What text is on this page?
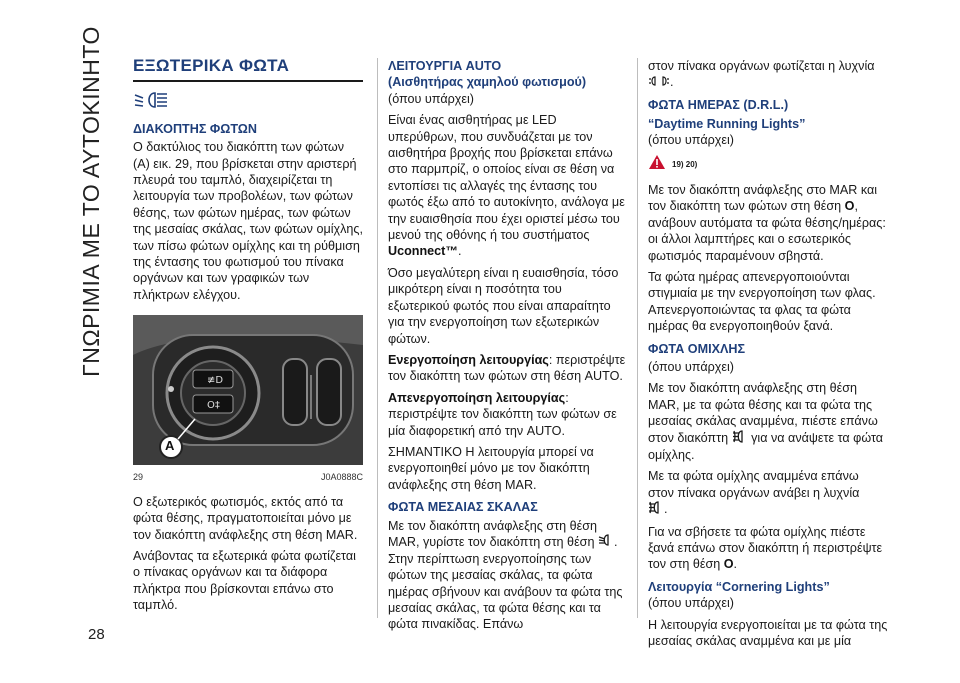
ΓΝΩΡΙΜΙΑ ΜΕ ΤΟ ΑΥΤΟΚΙΝΗΤΟ ΕΞΩΤΕΡΙΚΑ ΦΩΤΑ
ΔΙΑΚΟΠΤΗΣ ΦΩΤΩΝ

Ο δακτύλιος του διακόπτη των φώτων (A) εικ. 29, που βρίσκεται στην αριστερή πλευρά του ταμπλό, διαχειρίζεται τη λειτουργία των προβολέων, των φώτων θέσης, των φώτων ημέρας, των φώτων της μεσαίας σκάλας, των φώτων ομίχλης, των πίσω φώτων ομίχλης και τη ρύθμιση της έντασης του φωτισμού του πίνακα οργάνων και των γραφικών των πλήκτρων ελέγχου.

≢D
O‡
A
29	J0A0888C

Ο εξωτερικός φωτισμός, εκτός από τα φώτα θέσης, πραγματοποιείται μόνο με τον διακόπτη ανάφλεξης στη θέση MAR.

Ανάβοντας τα εξωτερικά φώτα φωτίζεται ο πίνακας οργάνων και τα διάφορα πλήκτρα που βρίσκονται επάνω στο ταμπλό.

ΛΕΙΤΟΥΡΓΙΑ AUTO
(Αισθητήρας χαμηλού φωτισμού)

(όπου υπάρχει)

Είναι ένας αισθητήρας με LED υπερύθρων, που συνδυάζεται με τον αισθητήρα βροχής που βρίσκεται επάνω στο παρμπρίζ, ο οποίος είναι σε θέση να εντοπίσει τις αλλαγές της έντασης του φωτός έξω από το αυτοκίνητο, ανάλογα με την ευαισθησία που έχει οριστεί μέσω του μενού της οθόνης ή του συστήματος Uconnect™.

Όσο μεγαλύτερη είναι η ευαισθησία, τόσο μικρότερη είναι η ποσότητα του εξωτερικού φωτός που είναι απαραίτητο για την ενεργοποίηση των εξωτερικών φώτων.

Ενεργοποίηση λειτουργίας: περιστρέψτε τον διακόπτη των φώτων στη θέση AUTO.

Απενεργοποίηση λειτουργίας: περιστρέψτε τον διακόπτη των φώτων σε μία διαφορετική από την AUTO.

ΣΗΜΑΝΤΙΚΟ Η λειτουργία μπορεί να ενεργοποιηθεί μόνο με τον διακόπτη ανάφλεξης στη θέση MAR.

ΦΩΤΑ ΜΕΣΑΙΑΣ ΣΚΑΛΑΣ

Με τον διακόπτη ανάφλεξης στη θέση MAR, γυρίστε τον διακόπτη στη θέση . Στην περίπτωση ενεργοποίησης των φώτων της μεσαίας σκάλας, τα φώτα ημέρας σβήνουν και ανάβουν τα φώτα της μεσαίας σκάλας, τα φώτα θέσης και τα φώτα πινακίδας. Επάνω

στον πίνακα οργάνων φωτίζεται η λυχνία
.

ΦΩΤΑ ΗΜΕΡΑΣ (D.R.L.)
“Daytime Running Lights”

(όπου υπάρχει)

19) 20)

Με τον διακόπτη ανάφλεξης στο MAR και τον διακόπτη των φώτων στη θέση O, ανάβουν αυτόματα τα φώτα θέσης/ημέρας: οι άλλοι λαμπτήρες και ο εσωτερικός φωτισμός παραμένουν σβηστά.

Τα φώτα ημέρας απενεργοποιούνται στιγμιαία με την ενεργοποίηση των φλας. Απενεργοποιώντας τα φλας τα φώτα ημέρας θα ενεργοποιηθούν ξανά.

ΦΩΤΑ ΟΜΙΧΛΗΣ

(όπου υπάρχει)

Με τον διακόπτη ανάφλεξης στη θέση MAR, με τα φώτα θέσης και τα φώτα της μεσαίας σκάλας αναμμένα, πιέστε επάνω στον διακόπτη για να ανάψετε τα φώτα ομίχλης.

Με τα φώτα ομίχλης αναμμένα επάνω στον πίνακα οργάνων ανάβει η λυχνία
.

Για να σβήσετε τα φώτα ομίχλης πιέστε ξανά επάνω στον διακόπτη ή περιστρέψτε τον στη θέση O.

Λειτουργία “Cornering Lights”

(όπου υπάρχει)

Η λειτουργία ενεργοποιείται με τα φώτα της μεσαίας σκάλας αναμμένα και με μία

28
